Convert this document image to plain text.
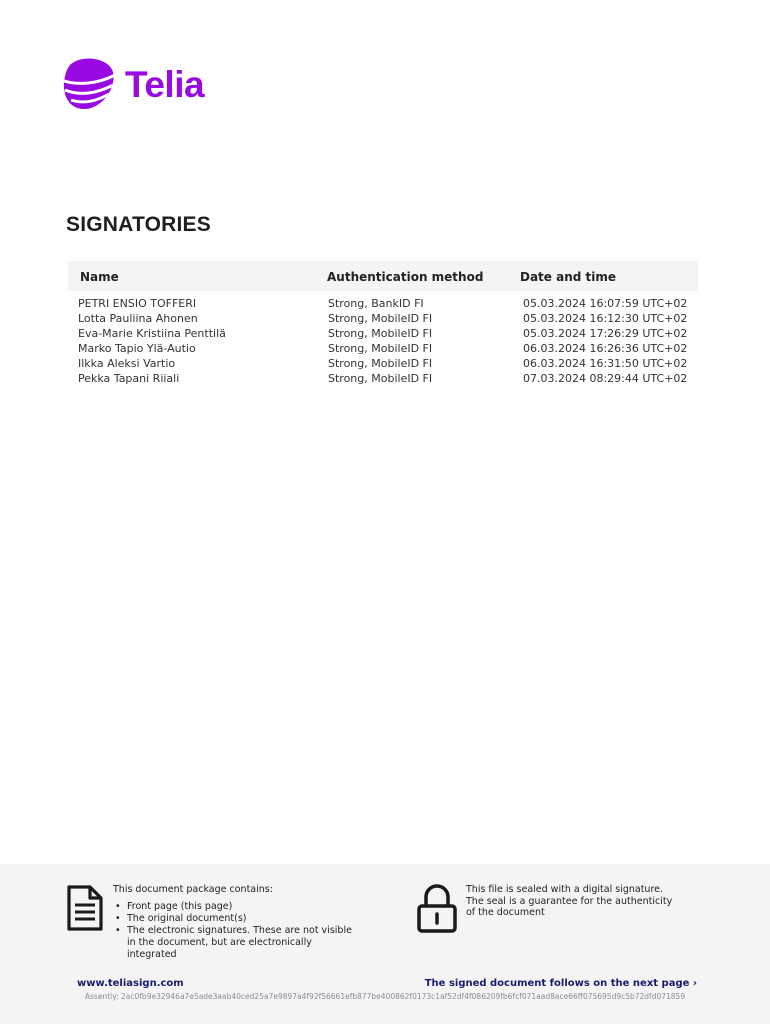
Telia
SIGNATORIES
Name	Authentication method	Date and time
PETRI ENSIO TOFFERI	Strong, BankID FI	05.03.2024 16:07:59 UTC+02
Lotta Pauliina Ahonen	Strong, MobileID FI	05.03.2024 16:12:30 UTC+02
Eva-Marie Kristiina Penttilä	Strong, MobileID FI	05.03.2024 17:26:29 UTC+02
Marko Tapio Ylä-Autio	Strong, MobileID FI	06.03.2024 16:26:36 UTC+02
Ilkka Aleksi Vartio	Strong, MobileID FI	06.03.2024 16:31:50 UTC+02
Pekka Tapani Riiali	Strong, MobileID FI	07.03.2024 08:29:44 UTC+02
This document package contains:
• Front page (this page)
• The original document(s)
• The electronic signatures. These are not visible in the document, but are electronically integrated
This file is sealed with a digital signature. The seal is a guarantee for the authenticity of the document
www.teliasign.com	The signed document follows on the next page ›
Assently: 2ac0fb9e32946a7e5ade3aab40ced25a7e9897a4f92f56661efb877be400862f0173c1af52df4f086209fb6fcf071aad8ace66ff075695d9c5b72dfd071859
